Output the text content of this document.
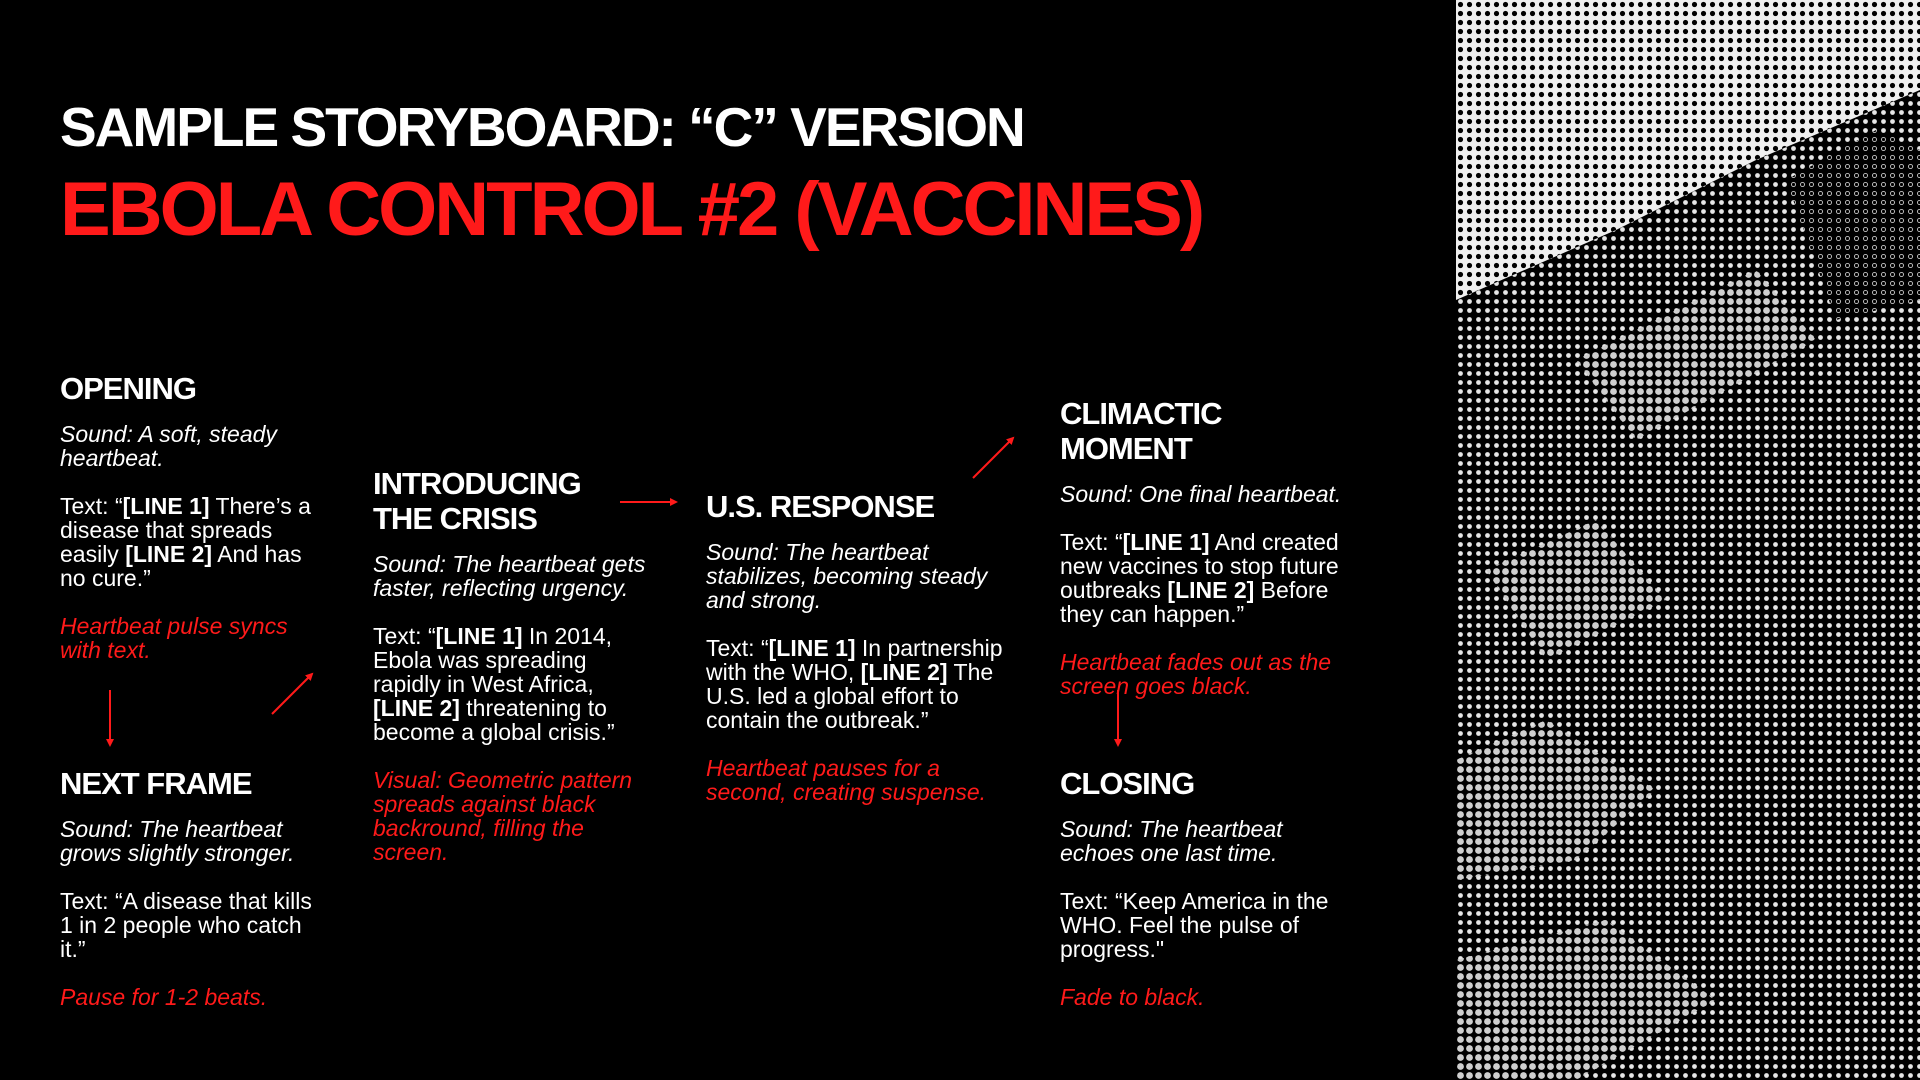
SAMPLE STORYBOARD: “C” VERSION
EBOLA CONTROL #2 (VACCINES)
OPENING

Sound: A soft, steady heartbeat.

Text: “[LINE 1] There’s a disease that spreads easily [LINE 2] And has no cure.”

Heartbeat pulse syncs with text.

NEXT FRAME

Sound: The heartbeat grows slightly stronger.

Text: “A disease that kills 1 in 2 people who catch it.”

Pause for 1-2 beats.

INTRODUCING THE CRISIS

Sound: The heartbeat gets faster, reflecting urgency.

Text: “[LINE 1] In 2014, Ebola was spreading rapidly in West Africa, [LINE 2] threatening to become a global crisis.”

Visual: Geometric pattern spreads against black backround, filling the screen.

U.S. RESPONSE

Sound: The heartbeat stabilizes, becoming steady and strong.

Text: “[LINE 1] In partnership with the WHO, [LINE 2] The U.S. led a global effort to contain the outbreak.”

Heartbeat pauses for a second, creating suspense.

CLIMACTIC MOMENT

Sound: One final heartbeat.

Text: “[LINE 1] And created new vaccines to stop future outbreaks [LINE 2] Before they can happen.”

Heartbeat fades out as the screen goes black.

CLOSING

Sound: The heartbeat echoes one last time.

Text: “Keep America in the WHO. Feel the pulse of progress."

Fade to black.
